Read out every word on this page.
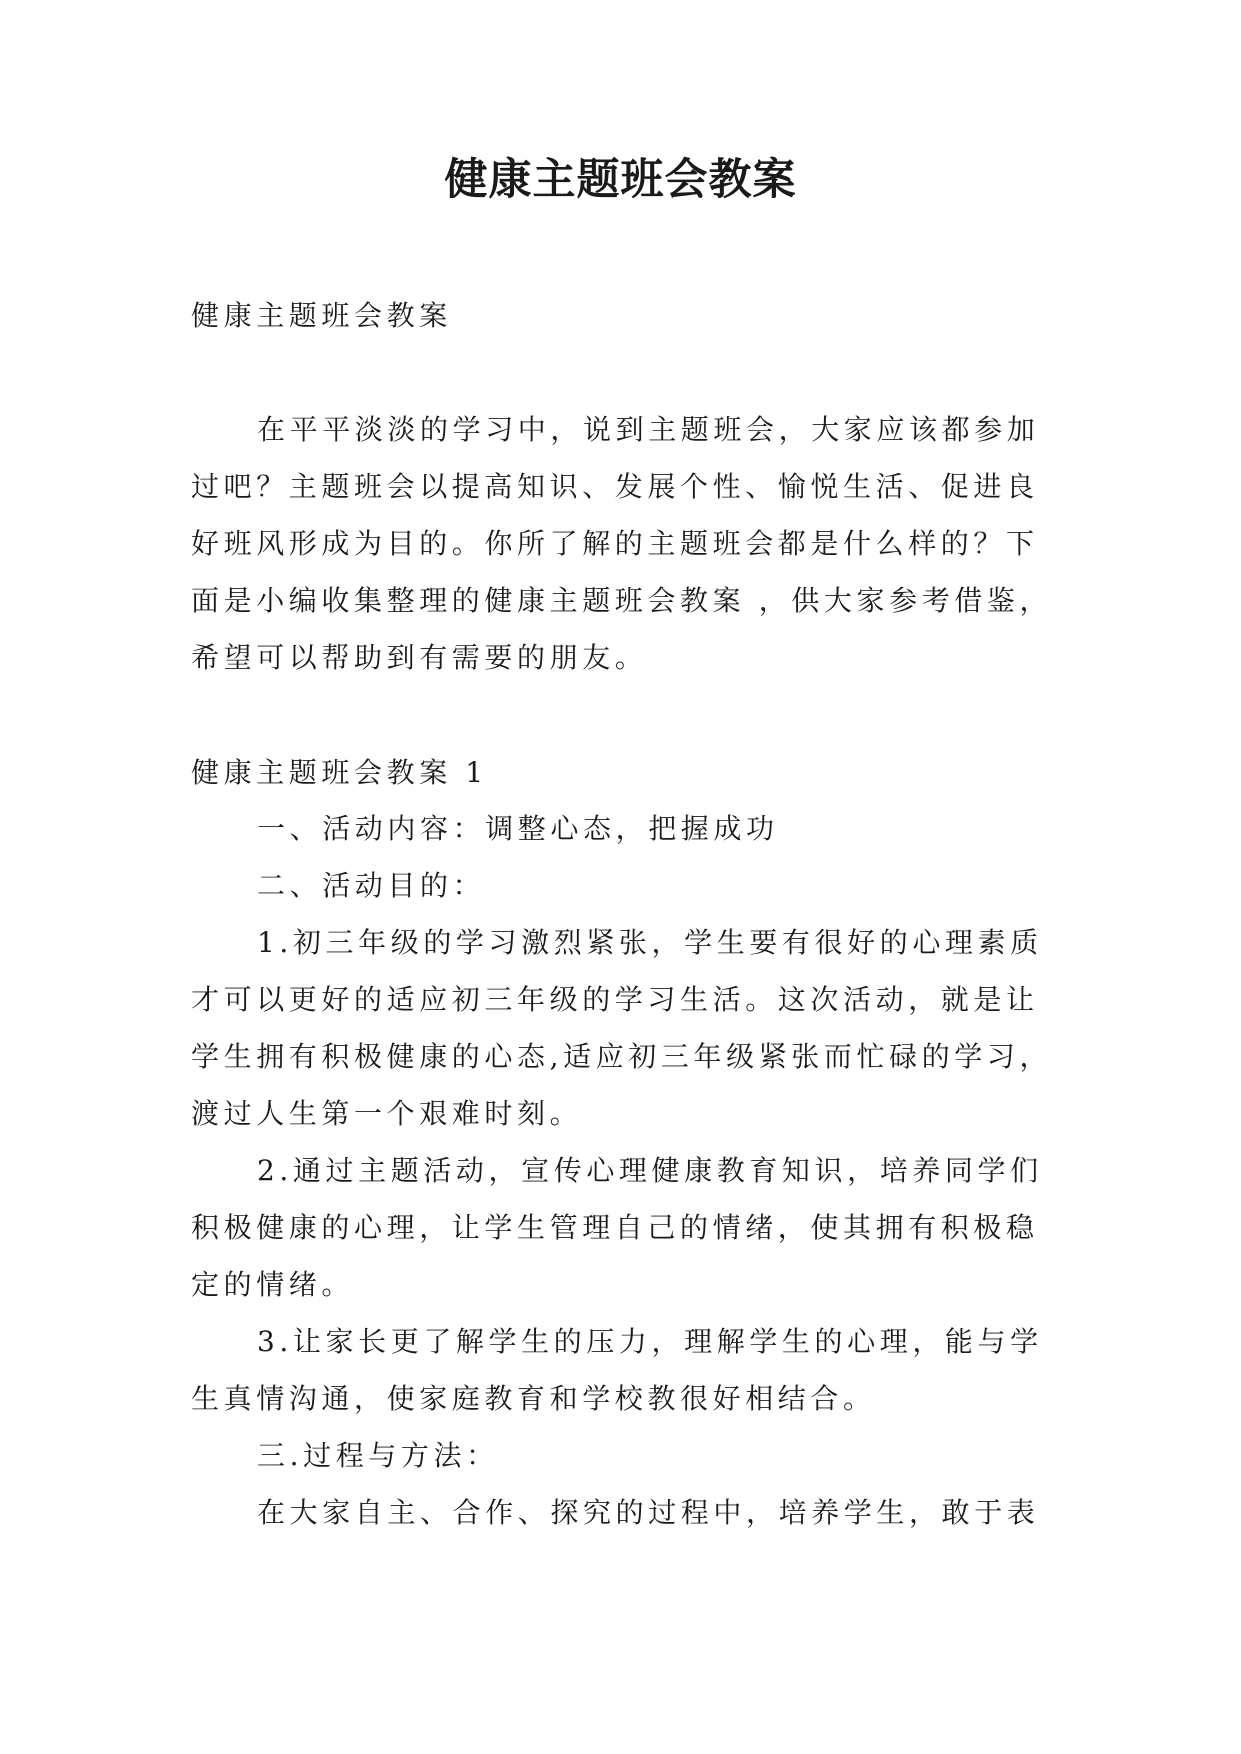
健康主题班会教案

健康主题班会教案

在平平淡淡的学习中，说到主题班会，大家应该都参加过吧？主题班会以提高知识、发展个性、愉悦生活、促进良好班风形成为目的。你所了解的主题班会都是什么样的？下面是小编收集整理的健康主题班会教案 ，供大家参考借鉴，希望可以帮助到有需要的朋友。

健康主题班会教案 1

一、活动内容：调整心态，把握成功

二、活动目的：

1.初三年级的学习激烈紧张，学生要有很好的心理素质才可以更好的适应初三年级的学习生活。这次活动，就是让学生拥有积极健康的心态,适应初三年级紧张而忙碌的学习，渡过人生第一个艰难时刻。

2.通过主题活动，宣传心理健康教育知识，培养同学们积极健康的心理，让学生管理自己的情绪，使其拥有积极稳定的情绪。

3.让家长更了解学生的压力，理解学生的心理，能与学生真情沟通，使家庭教育和学校教很好相结合。

三.过程与方法：

在大家自主、合作、探究的过程中，培养学生，敢于表
